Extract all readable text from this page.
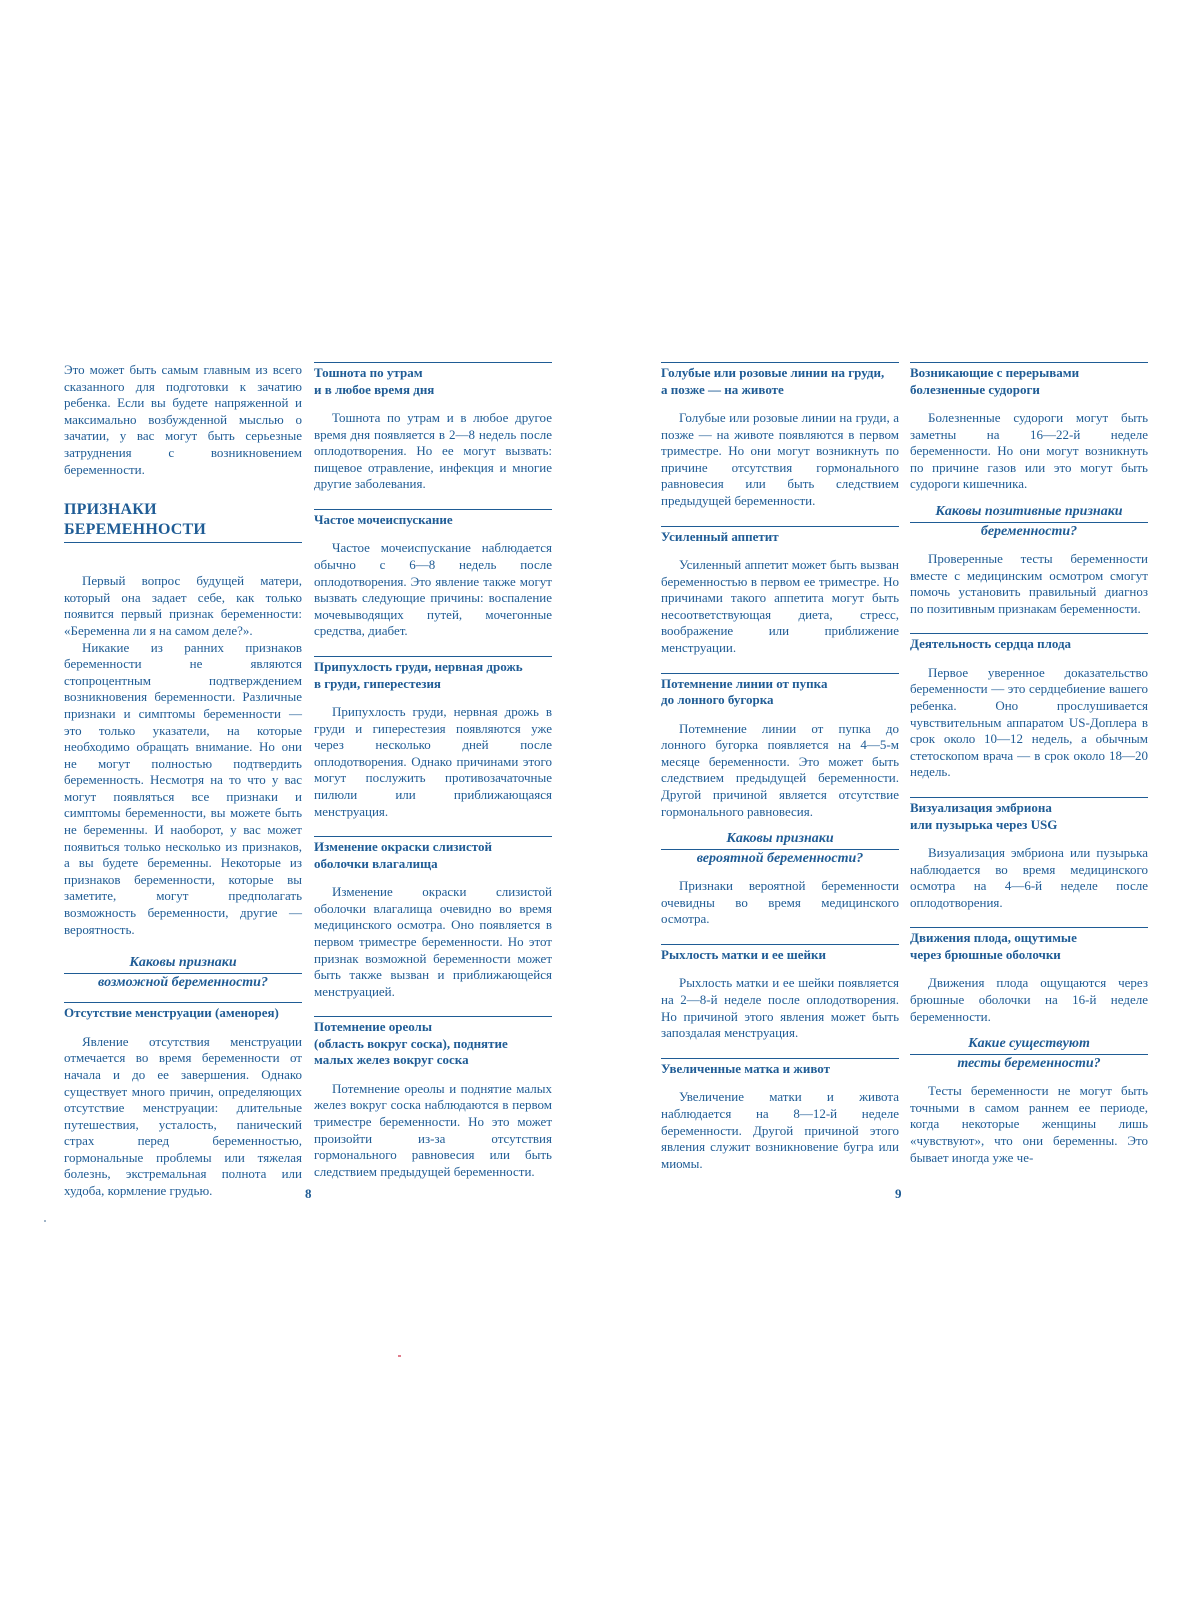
Это может быть самым главным из всего сказанного для подготовки к зачатию ребенка. Если вы будете напряженной и максимально возбужденной мыслью о зачатии, у вас могут быть серьезные затруднения с возникновением беременности.

ПРИЗНАКИ БЕРЕМЕННОСТИ

Первый вопрос будущей матери, который она задает себе, как только появится первый признак беременности: «Беременна ли я на самом деле?».

Никакие из ранних признаков беременности не являются стопроцентным подтверждением возникновения беременности. Различные признаки и симптомы беременности — это только указатели, на которые необходимо обращать внимание. Но они не могут полностью подтвердить беременность. Несмотря на то что у вас могут появляться все признаки и симптомы беременности, вы можете быть не беременны. И наоборот, у вас может появиться только несколько из признаков, а вы будете беременны. Некоторые из признаков беременности, которые вы заметите, могут предполагать возможность беременности, другие — вероятность.

Каковы признаки
возможной беременности?
Отсутствие менструации (аменорея)

Явление отсутствия менструации отмечается во время беременности от начала и до ее завершения. Однако существует много причин, определяющих отсутствие менструации: длительные путешествия, усталость, панический страх перед беременностью, гормональные проблемы или тяжелая болезнь, экстремальная полнота или худоба, кормление грудью.

Тошнота по утрам
и в любое время дня

Тошнота по утрам и в любое другое время дня появляется в 2—8 недель после оплодотворения. Но ее могут вызвать: пищевое отравление, инфекция и многие другие заболевания.

Частое мочеиспускание

Частое мочеиспускание наблюдается обычно с 6—8 недель после оплодотворения. Это явление также могут вызвать следующие причины: воспаление мочевыводящих путей, мочегонные средства, диабет.

Припухлость груди, нервная дрожь
в груди, гиперестезия

Припухлость груди, нервная дрожь в груди и гиперестезия появляются уже через несколько дней после оплодотворения. Однако причинами этого могут послужить противозачаточные пилюли или приближающаяся менструация.

Изменение окраски слизистой
оболочки влагалища

Изменение окраски слизистой оболочки влагалища очевидно во время медицинского осмотра. Оно появляется в первом триместре беременности. Но этот признак возможной беременности может быть также вызван и приближающейся менструацией.

Потемнение ореолы
(область вокруг соска), поднятие
малых желез вокруг соска

Потемнение ореолы и поднятие малых желез вокруг соска наблюдаются в первом триместре беременности. Но это может произойти из-за отсутствия гормонального равновесия или быть следствием предыдущей беременности.

8
Голубые или розовые линии на груди,
а позже — на животе

Голубые или розовые линии на груди, а позже — на животе появляются в первом триместре. Но они могут возникнуть по причине отсутствия гормонального равновесия или быть следствием предыдущей беременности.

Усиленный аппетит

Усиленный аппетит может быть вызван беременностью в первом ее триместре. Но причинами такого аппетита могут быть несоответствующая диета, стресс, воображение или приближение менструации.

Потемнение линии от пупка
до лонного бугорка

Потемнение линии от пупка до лонного бугорка появляется на 4—5-м месяце беременности. Это может быть следствием предыдущей беременности. Другой причиной является отсутствие гормонального равновесия.

Каковы признаки
вероятной беременности?

Признаки вероятной беременности очевидны во время медицинского осмотра.

Рыхлость матки и ее шейки

Рыхлость матки и ее шейки появляется на 2—8-й неделе после оплодотворения. Но причиной этого явления может быть запоздалая менструация.

Увеличенные матка и живот

Увеличение матки и живота наблюдается на 8—12-й неделе беременности. Другой причиной этого явления служит возникновение бугра или миомы.

Возникающие с перерывами
болезненные судороги

Болезненные судороги могут быть заметны на 16—22-й неделе беременности. Но они могут возникнуть по причине газов или это могут быть судороги кишечника.

Каковы позитивные признаки
беременности?

Проверенные тесты беременности вместе с медицинским осмотром смогут помочь установить правильный диагноз по позитивным признакам беременности.

Деятельность сердца плода

Первое уверенное доказательство беременности — это сердцебиение вашего ребенка. Оно прослушивается чувствительным аппаратом US-Доплера в срок около 10—12 недель, а обычным стетоскопом врача — в срок около 18—20 недель.

Визуализация эмбриона
или пузырька через USG

Визуализация эмбриона или пузырька наблюдается во время медицинского осмотра на 4—6-й неделе после оплодотворения.

Движения плода, ощутимые
через брюшные оболочки

Движения плода ощущаются через брюшные оболочки на 16-й неделе беременности.

Какие существуют
тесты беременности?

Тесты беременности не могут быть точными в самом раннем ее периоде, когда некоторые женщины лишь «чувствуют», что они беременны. Это бывает иногда уже че-

9
